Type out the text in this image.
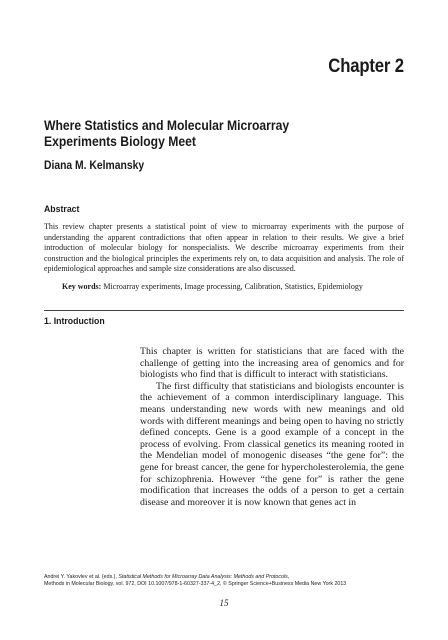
Chapter 2
Where Statistics and Molecular Microarray Experiments Biology Meet
Diana M. Kelmansky
Abstract
This review chapter presents a statistical point of view to microarray experiments with the purpose of understanding the apparent contradictions that often appear in relation to their results. We give a brief introduction of molecular biology for nonspecialists. We describe microarray experiments from their construction and the biological principles the experiments rely on, to data acquisition and analysis. The role of epidemiological approaches and sample size considerations are also discussed.
Key words: Microarray experiments, Image processing, Calibration, Statistics, Epidemiology
1. Introduction

This chapter is written for statisticians that are faced with the challenge of getting into the increasing area of genomics and for biologists who find that is difficult to interact with statisticians.

The first difficulty that statisticians and biologists encounter is the achievement of a common interdisciplinary language. This means understanding new words with new meanings and old words with different meanings and being open to having no strictly defined concepts. Gene is a good example of a concept in the process of evolving. From classical genetics its meaning rooted in the Mendelian model of monogenic diseases “the gene for”: the gene for breast cancer, the gene for hypercholesterolemia, the gene for schizophrenia. However “the gene for” is rather the gene modification that increases the odds of a person to get a certain disease and moreover it is now known that genes act in

Andrei Y. Yakovlev et al. (eds.), Statistical Methods for Microarray Data Analysis: Methods and Protocols,
Methods in Molecular Biology, vol. 972, DOI 10.1007/978-1-60327-337-4_2, © Springer Science+Business Media New York 2013
15
